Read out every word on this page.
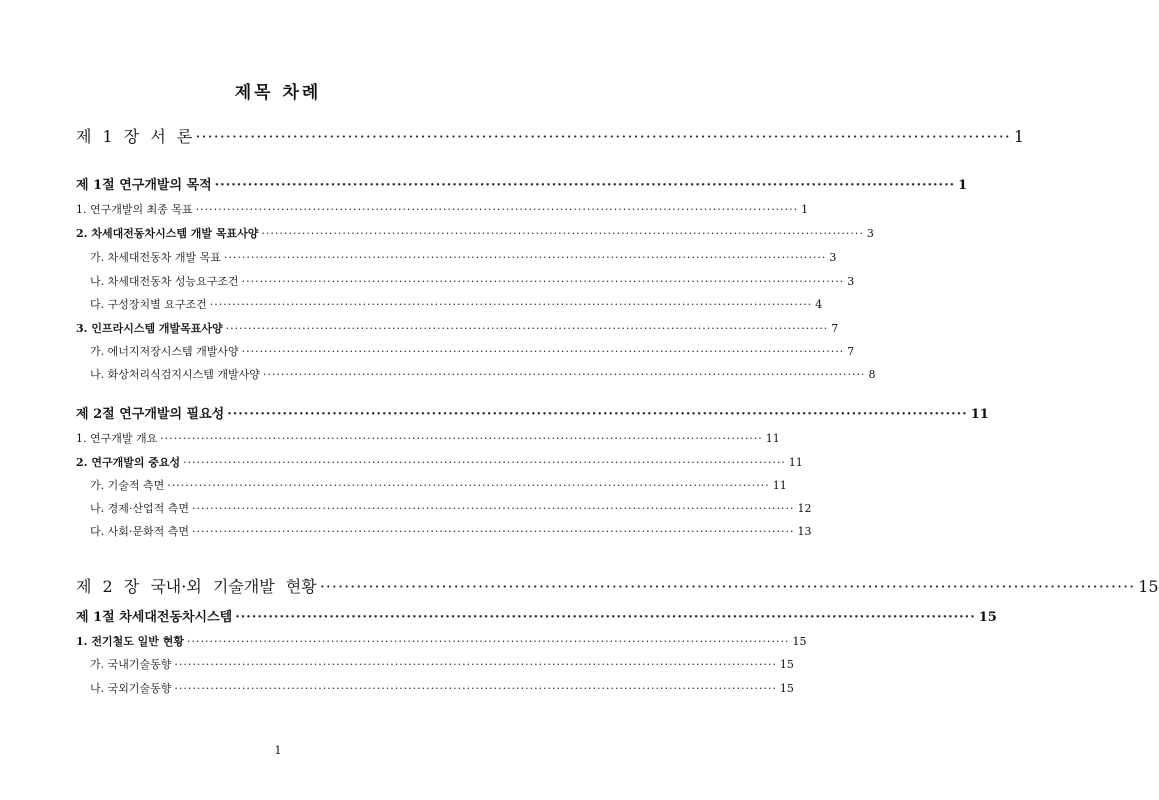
제목 차례
제 1 장 서 론 ······································································································································ 1
제 1절 연구개발의 목적 ······································································································································ 1
1. 연구개발의 최종 목표 ······································································································································ 1
2. 차세대전동차시스템 개발 목표사양 ······································································································································ 3
가. 차세대전동차 개발 목표 ······································································································································ 3
나. 차세대전동차 성능요구조건 ······································································································································ 3
다. 구성장치별 요구조건 ······································································································································ 4
3. 인프라시스템 개발목표사양 ······································································································································ 7
가. 에너지저장시스템 개발사양 ······································································································································ 7
나. 화상처리식검지시스템 개발사양 ······································································································································ 8
제 2절 연구개발의 필요성 ······································································································································ 11
1. 연구개발 개요 ······································································································································ 11
2. 연구개발의 중요성 ······································································································································ 11
가. 기술적 측면 ······································································································································ 11
나. 경제·산업적 측면 ······································································································································ 12
다. 사회·문화적 측면 ······································································································································ 13
제 2 장 국내·외 기술개발 현황 ······································································································································ 15
제 1절 차세대전동차시스템 ······································································································································ 15
1. 전기철도 일반 현황 ······································································································································ 15
가. 국내기술동향 ······································································································································ 15
나. 국외기술동향 ······································································································································ 15
1
